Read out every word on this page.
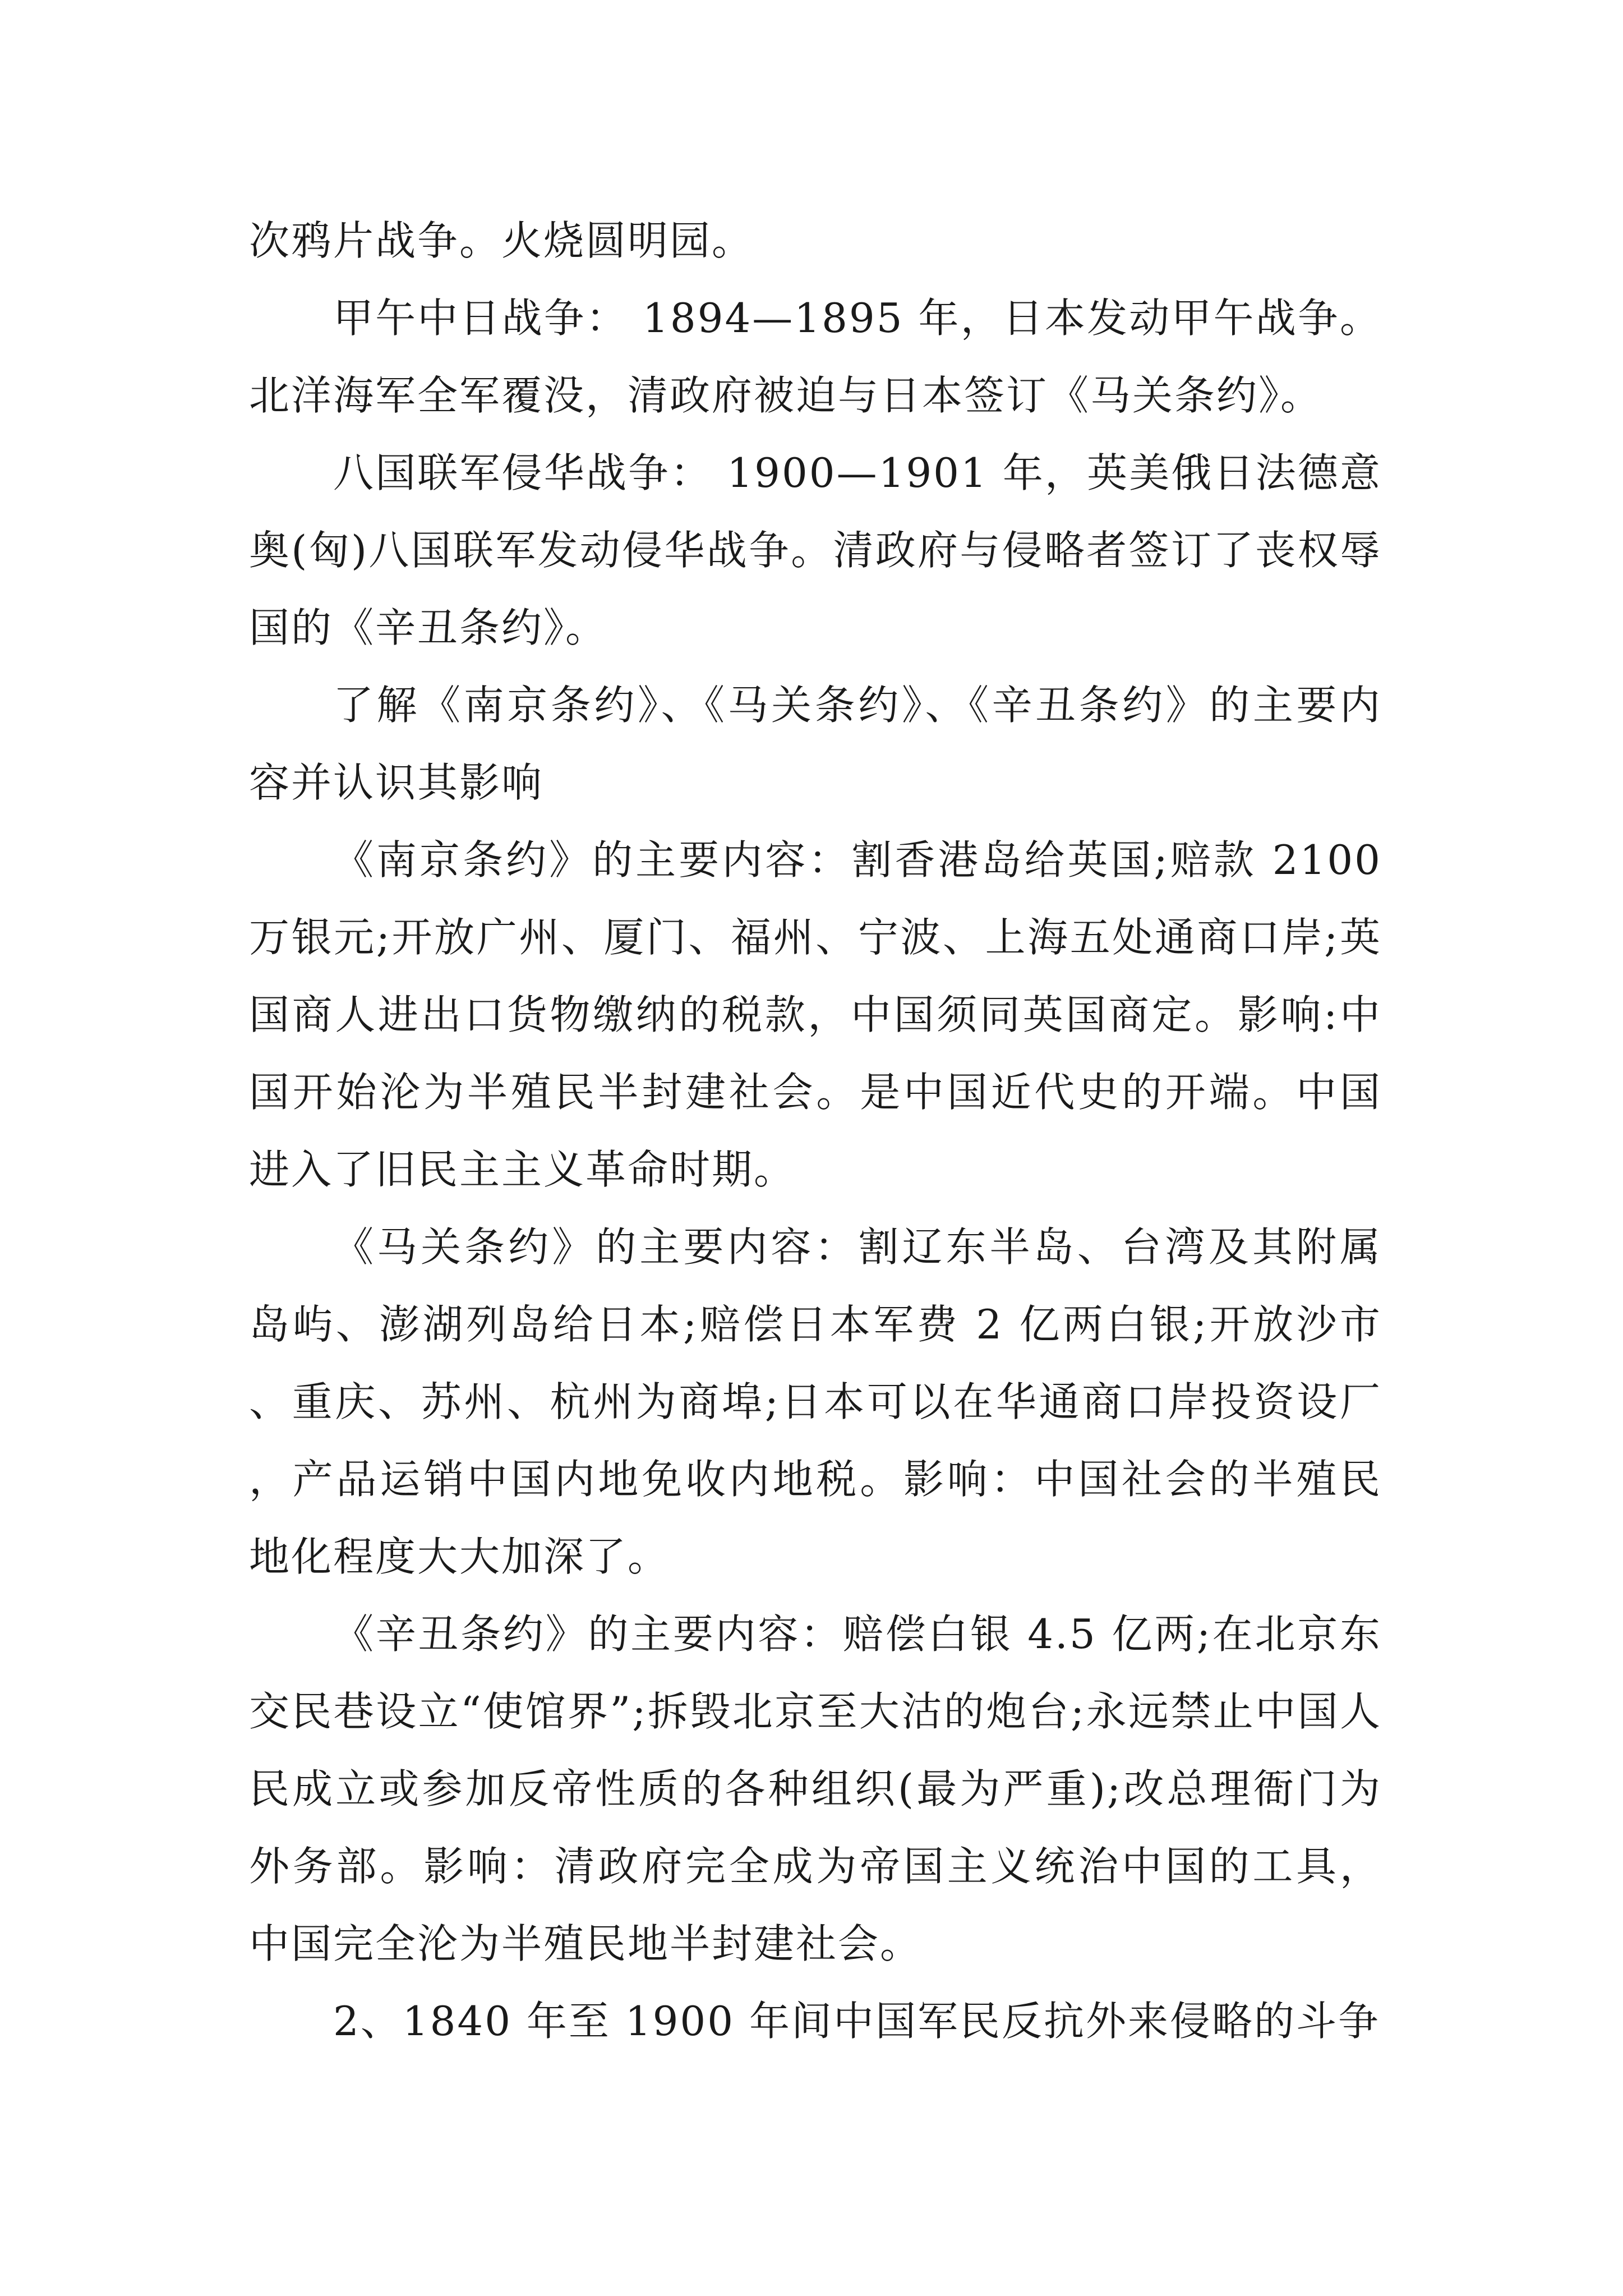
次鸦片战争。火烧圆明园。

甲午中日战争： 1894—1895 年，日本发动甲午战争。北洋海军全军覆没，清政府被迫与日本签订《马关条约》。

八国联军侵华战争： 1900—1901 年，英美俄日法德意奥(匈)八国联军发动侵华战争。清政府与侵略者签订了丧权辱国的《辛丑条约》。

了解《南京条约》、《马关条约》、《辛丑条约》的主要内容并认识其影响

《南京条约》的主要内容：割香港岛给英国;赔款 2100 万银元;开放广州、厦门、福州、宁波、上海五处通商口岸;英国商人进出口货物缴纳的税款，中国须同英国商定。影响:中国开始沦为半殖民半封建社会。是中国近代史的开端。中国进入了旧民主主义革命时期。

《马关条约》的主要内容：割辽东半岛、台湾及其附属岛屿、澎湖列岛给日本;赔偿日本军费 2 亿两白银;开放沙市、重庆、苏州、杭州为商埠;日本可以在华通商口岸投资设厂，产品运销中国内地免收内地税。影响：中国社会的半殖民地化程度大大加深了。

《辛丑条约》的主要内容：赔偿白银 4.5 亿两;在北京东交民巷设立“使馆界”;拆毁北京至大沽的炮台;永远禁止中国人民成立或参加反帝性质的各种组织(最为严重);改总理衙门为外务部。影响：清政府完全成为帝国主义统治中国的工具，中国完全沦为半殖民地半封建社会。

2、1840 年至 1900 年间中国军民反抗外来侵略的斗争
